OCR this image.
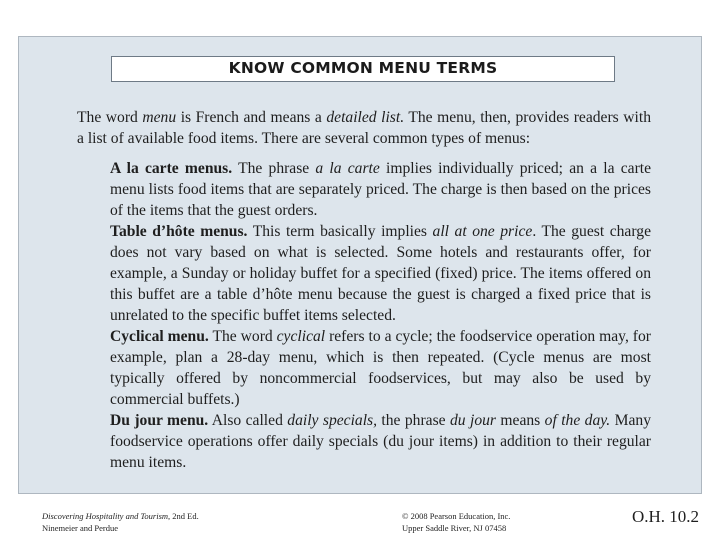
KNOW COMMON MENU TERMS

The word menu is French and means a detailed list. The menu, then, provides readers with a list of available food items. There are several common types of menus:

A la carte menus. The phrase a la carte implies individually priced; an a la carte menu lists food items that are separately priced. The charge is then based on the prices of the items that the guest orders.

Table d’hôte menus. This term basically implies all at one price. The guest charge does not vary based on what is selected. Some hotels and restaurants offer, for example, a Sunday or holiday buffet for a specified (fixed) price. The items offered on this buffet are a table d’hôte menu because the guest is charged a fixed price that is unrelated to the specific buffet items selected.

Cyclical menu. The word cyclical refers to a cycle; the foodservice operation may, for example, plan a 28-day menu, which is then repeated. (Cycle menus are most typically offered by noncommercial foodservices, but may also be used by commercial buffets.)

Du jour menu. Also called daily specials, the phrase du jour means of the day. Many foodservice operations offer daily specials (du jour items) in addition to their regular menu items.

Discovering Hospitality and Tourism, 2nd Ed.
Ninemeier and Perdue
© 2008 Pearson Education, Inc.
Upper Saddle River, NJ 07458
O.H. 10.2
